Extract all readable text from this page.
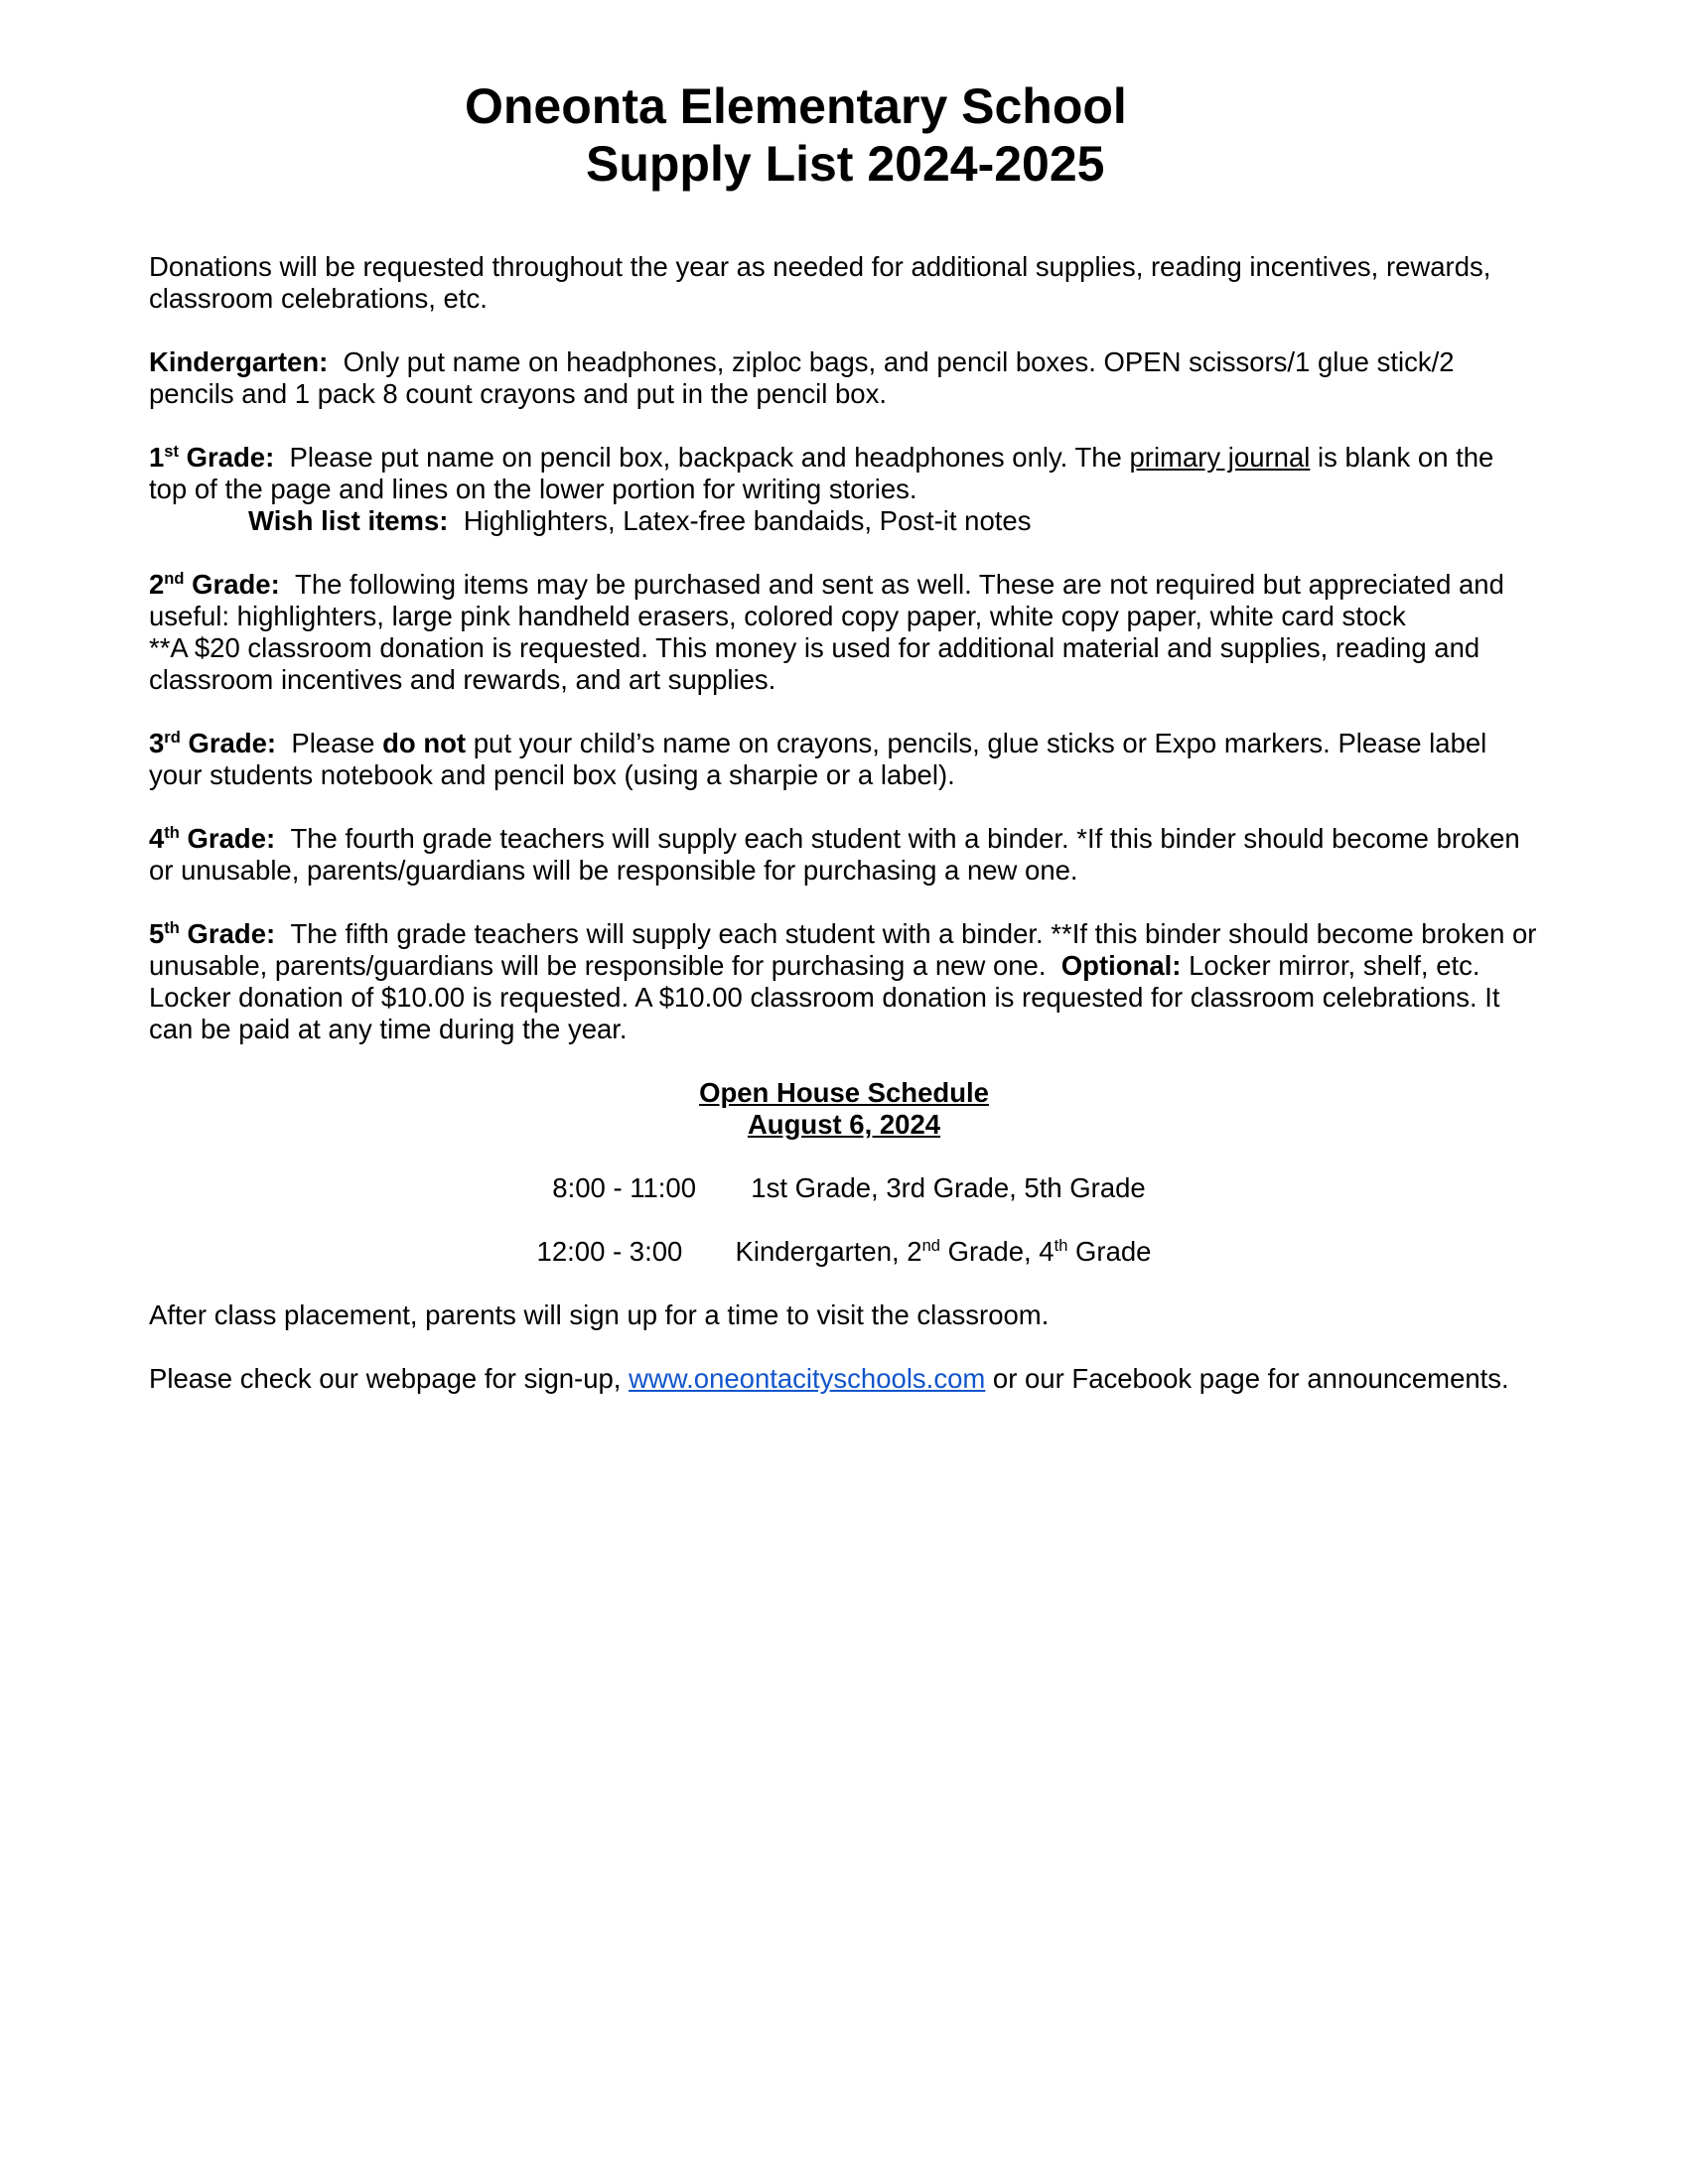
Oneonta Elementary School
Supply List 2024-2025

Donations will be requested throughout the year as needed for additional supplies, reading incentives, rewards, classroom celebrations, etc.

Kindergarten: Only put name on headphones, ziploc bags, and pencil boxes. OPEN scissors/1 glue stick/2 pencils and 1 pack 8 count crayons and put in the pencil box.

1st Grade: Please put name on pencil box, backpack and headphones only. The primary journal is blank on the top of the page and lines on the lower portion for writing stories.
Wish list items: Highlighters, Latex-free bandaids, Post-it notes

2nd Grade: The following items may be purchased and sent as well. These are not required but appreciated and useful: highlighters, large pink handheld erasers, colored copy paper, white copy paper, white card stock
**A $20 classroom donation is requested. This money is used for additional material and supplies, reading and classroom incentives and rewards, and art supplies.

3rd Grade: Please do not put your child’s name on crayons, pencils, glue sticks or Expo markers. Please label your students notebook and pencil box (using a sharpie or a label).

4th Grade: The fourth grade teachers will supply each student with a binder. *If this binder should become broken or unusable, parents/guardians will be responsible for purchasing a new one.

5th Grade: The fifth grade teachers will supply each student with a binder. **If this binder should become broken or unusable, parents/guardians will be responsible for purchasing a new one. Optional: Locker mirror, shelf, etc. Locker donation of $10.00 is requested. A $10.00 classroom donation is requested for classroom celebrations. It can be paid at any time during the year.

Open House Schedule
August 6, 2024
8:00 - 11:00	1st Grade, 3rd Grade, 5th Grade
12:00 - 3:00	Kindergarten, 2nd Grade, 4th Grade

After class placement, parents will sign up for a time to visit the classroom.

Please check our webpage for sign-up, www.oneontacityschools.com or our Facebook page for announcements.
